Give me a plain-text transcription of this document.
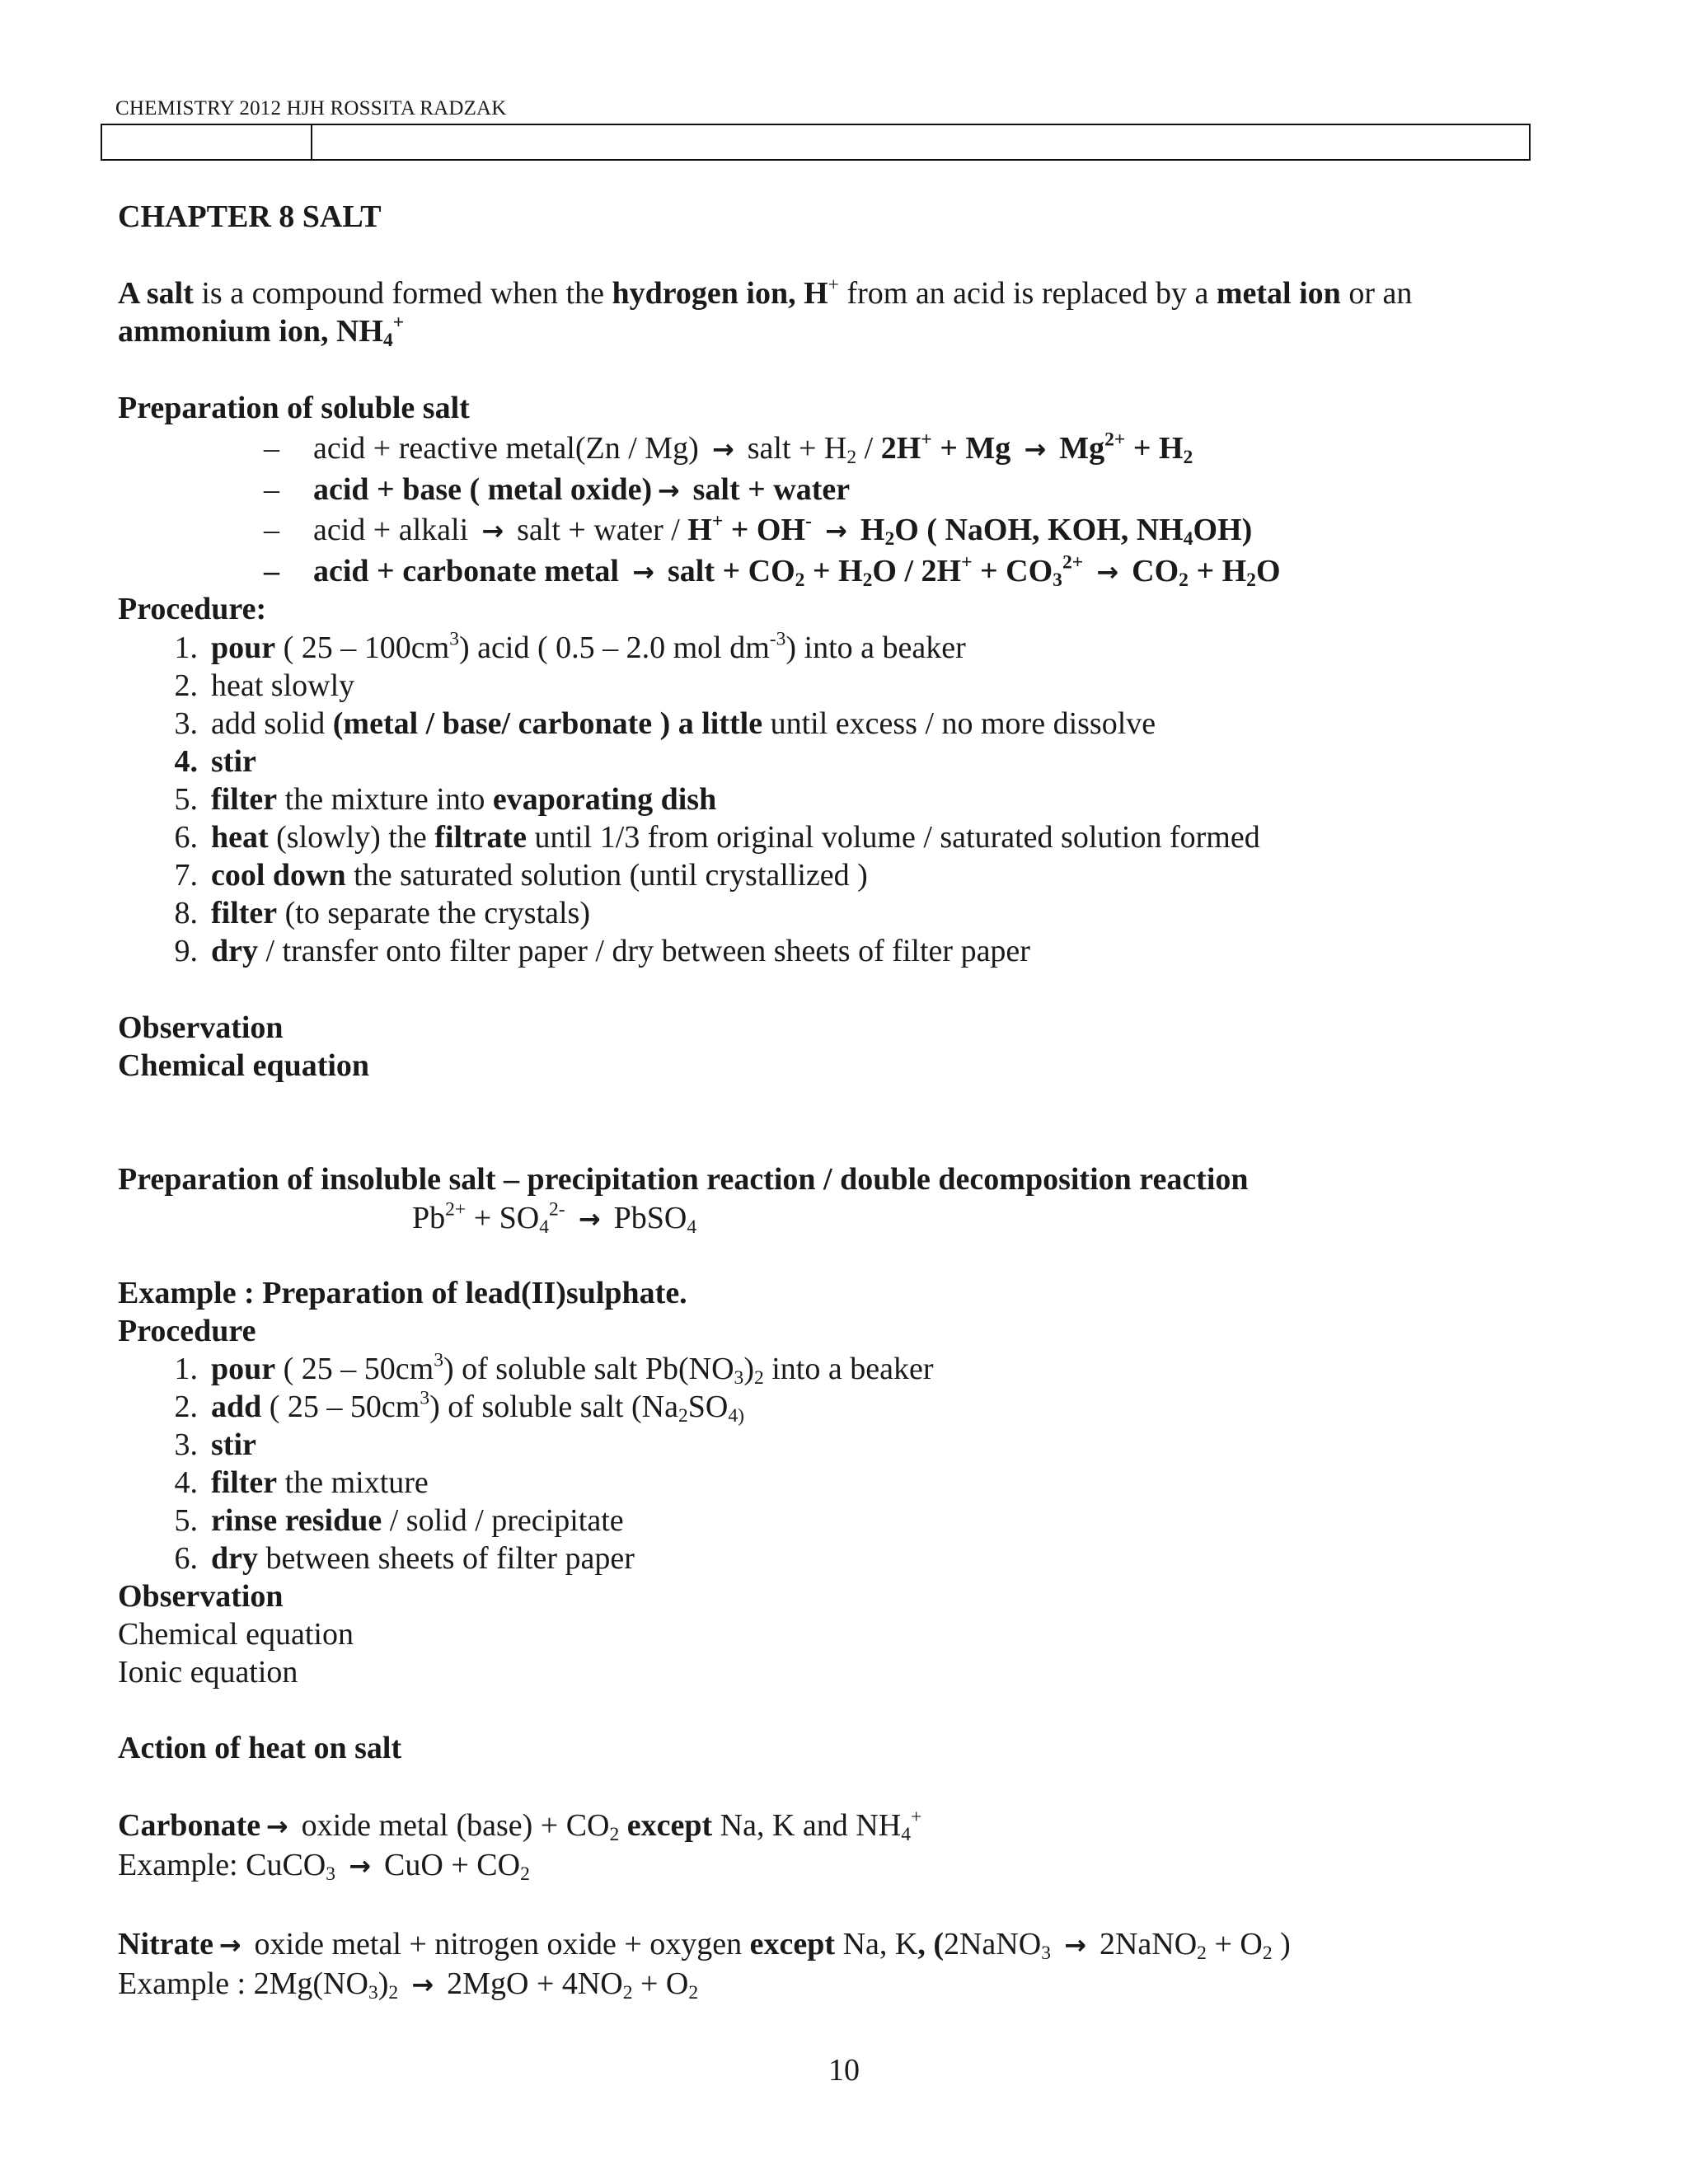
CHEMISTRY 2012 HJH ROSSITA RADZAK
CHAPTER 8 SALT
A salt is a compound formed when the hydrogen ion, H+ from an acid is replaced by a metal ion or an
ammonium ion, $NH_4^+$
Preparation of soluble salt
– acid + reactive metal(Zn / Mg) → salt + $H_2 / 2H^+ + Mg \to Mg^{2+} + H_2$
– acid + base ( metal oxide) → salt + water
– acid + alkali → salt + water / $H^+ + OH^- \to H_2O$ ( NaOH, KOH, $NH_4OH$)
– acid + carbonate metal → salt + $CO_2 + H_2O / 2H^+ + CO_3^{2+} \to CO_2 + H_2O$
Procedure:
1. pour ( $25 - 100cm^3$) acid ( 0.5 – 2.0 mol $dm^{-3}$) into a beaker
2. heat slowly
3. add solid (metal / base/ carbonate ) a little until excess / no more dissolve
4. stir
5. filter the mixture into evaporating dish
6. heat (slowly) the filtrate until 1/3 from original volume / saturated solution formed
7. cool down the saturated solution (until crystallized )
8. filter (to separate the crystals)
9. dry / transfer onto filter paper / dry between sheets of filter paper
Observation
Chemical equation
Preparation of insoluble salt – precipitation reaction / double decomposition reaction
$Pb^{2+} + SO_4^{2-}$ → PbSO$_4$
Example : Preparation of lead(II)sulphate.
Procedure
1. pour ( $25 - 50cm^3$) of soluble salt $Pb(NO_3)_2$ into a beaker
2. add ( $25 - 50cm^3$) of soluble salt ($Na_2SO_{4)}$
3. stir
4. filter the mixture
5. rinse residue / solid / precipitate
6. dry between sheets of filter paper
Observation
Chemical equation
Ionic equation
Action of heat on salt
Carbonate → oxide metal (base) + $CO_2$ except Na, K and $NH_4^+$
Example: CuCO$_3$ → CuO + $CO_2$
Nitrate → oxide metal + nitrogen oxide + oxygen except Na, K, (2NaNO$_3$ → 2NaNO$_2$ + $O_2$ )
Example : $2Mg(NO_3)_2 \to 2MgO + 4NO_2 + O_2$
10
